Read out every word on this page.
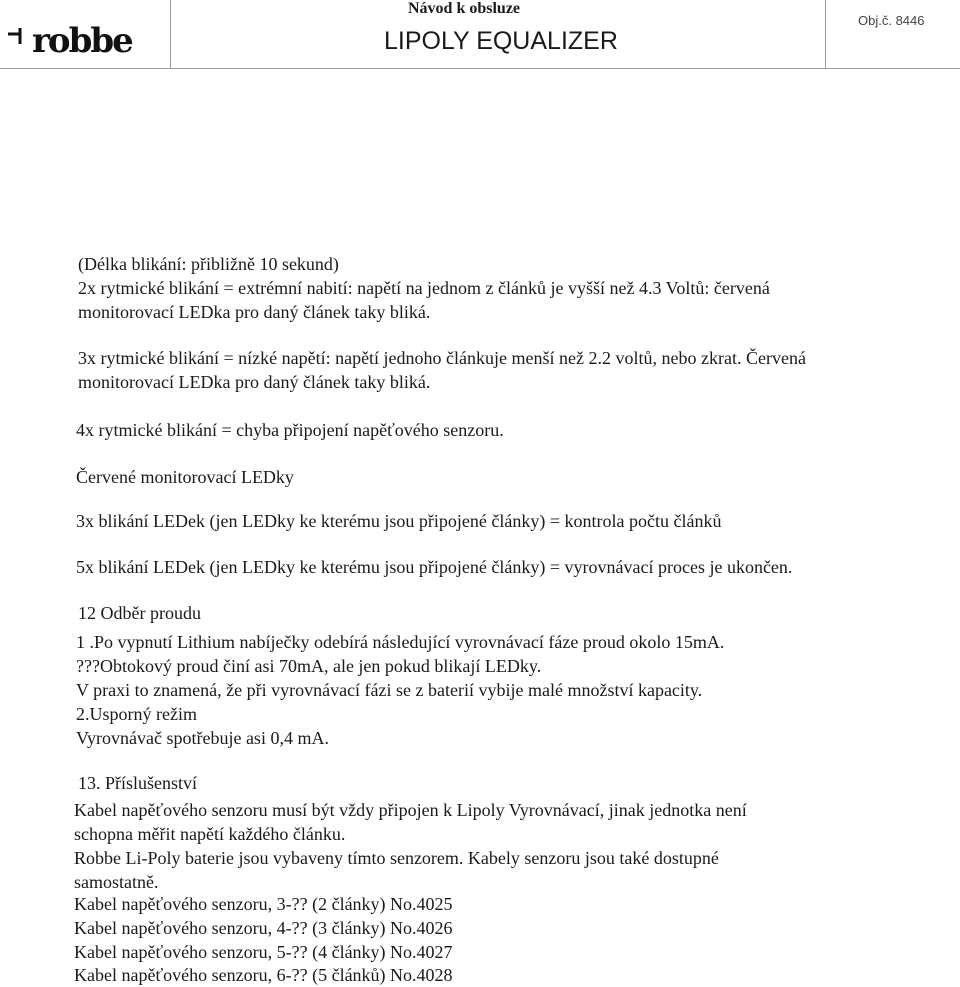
robbe
Návod k obsluze
LIPOLY EQUALIZER
Obj.č. 8446
(Délka blikání: přibližně 10 sekund)
2x rytmické blikání = extrémní nabití: napětí na jednom z článků je vyšší než 4.3 Voltů: červená
monitorovací LEDka pro daný článek taky bliká.
3x rytmické blikání = nízké napětí: napětí jednoho článkuje menší než 2.2 voltů, nebo zkrat. Červená
monitorovací LEDka pro daný článek taky bliká.
4x rytmické blikání = chyba připojení napěťového senzoru.
Červené monitorovací LEDky
3x blikání LEDek (jen LEDky ke kterému jsou připojené články) = kontrola počtu článků
5x blikání LEDek (jen LEDky ke kterému jsou připojené články) = vyrovnávací proces je ukončen.
12 Odběr proudu
1 .Po vypnutí Lithium nabíječky odebírá následující vyrovnávací fáze proud okolo 15mA.
???Obtokový proud činí asi 70mA, ale jen pokud blikají LEDky.
V praxi to znamená, že při vyrovnávací fázi se z baterií vybije malé množství kapacity.
2.Usporný režim
Vyrovnávač spotřebuje asi 0,4 mA.
13. Příslušenství
Kabel napěťového senzoru musí být vždy připojen k Lipoly Vyrovnávací, jinak jednotka není
schopna měřit napětí každého článku.
Robbe Li-Poly baterie jsou vybaveny tímto senzorem. Kabely senzoru jsou také dostupné
samostatně.
Kabel napěťového senzoru, 3-?? (2 články) No.4025
Kabel napěťového senzoru, 4-?? (3 články) No.4026
Kabel napěťového senzoru, 5-?? (4 články) No.4027
Kabel napěťového senzoru, 6-?? (5 článků) No.4028
